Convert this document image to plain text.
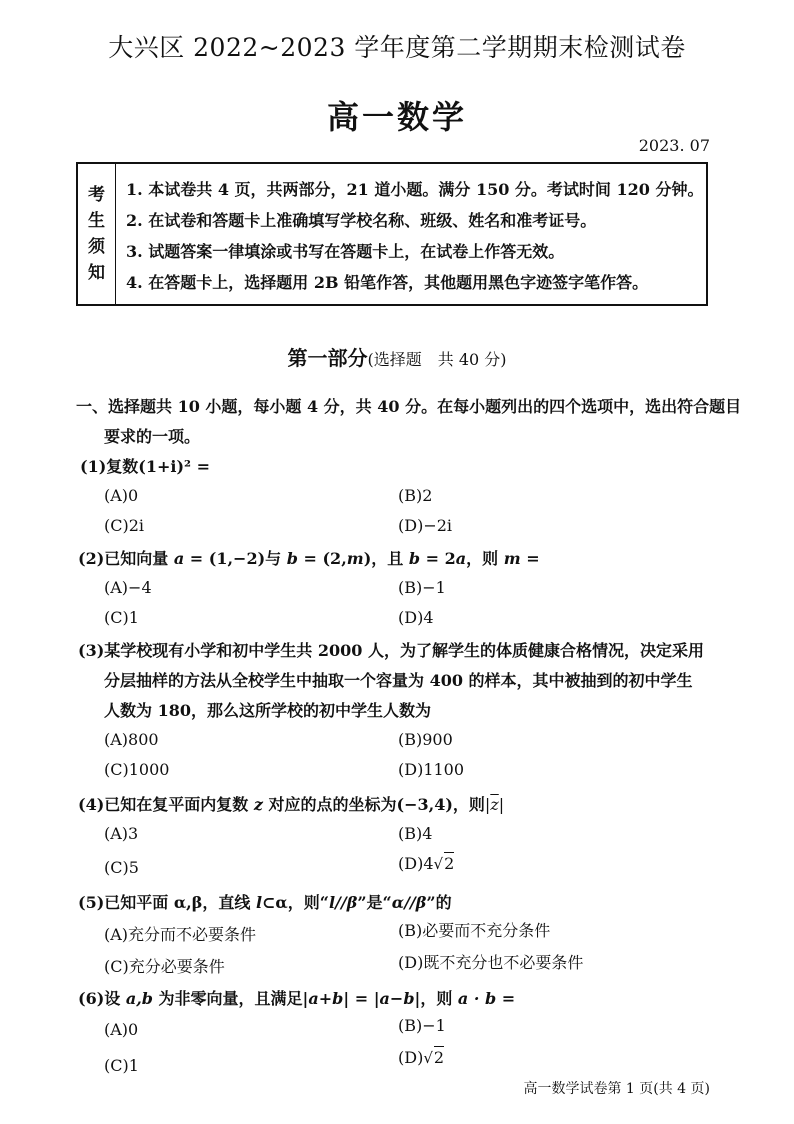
大兴区 2022~2023 学年度第二学期期末检测试卷
高一数学
2023. 07
考
生
须
知
1. 本试卷共 4 页，共两部分，21 道小题。满分 150 分。考试时间 120 分钟。
2. 在试卷和答题卡上准确填写学校名称、班级、姓名和准考证号。
3. 试题答案一律填涂或书写在答题卡上，在试卷上作答无效。
4. 在答题卡上，选择题用 2B 铅笔作答，其他题用黑色字迹签字笔作答。
第一部分(选择题　共 40 分)
一、选择题共 10 小题，每小题 4 分，共 40 分。在每小题列出的四个选项中，选出符合题目
要求的一项。
(1)复数(1+i)² =
(A)0	(B)2
(C)2i	(D)−2i
(2)已知向量 a = (1,−2)与 b = (2,m)，且 b = 2a，则 m =
(A)−4	(B)−1
(C)1	(D)4
(3)某学校现有小学和初中学生共 2000 人，为了解学生的体质健康合格情况，决定采用
分层抽样的方法从全校学生中抽取一个容量为 400 的样本，其中被抽到的初中学生
人数为 180，那么这所学校的初中学生人数为
(A)800	(B)900
(C)1000	(D)1100
(4)已知在复平面内复数 z 对应的点的坐标为(−3,4)，则$|\overline{z}|$
(A)3	(B)4
(C)5	(D)4√2
(5)已知平面 α,β，直线 l⊂α，则“l//β”是“α//β”的
(A)充分而不必要条件	(B)必要而不充分条件
(C)充分必要条件	(D)既不充分也不必要条件
(6)设 a,b 为非零向量，且满足|a+b| = |a−b|，则 a · b =
(A)0	(B)−1
(C)1	(D)√2
高一数学试卷第 1 页(共 4 页)
